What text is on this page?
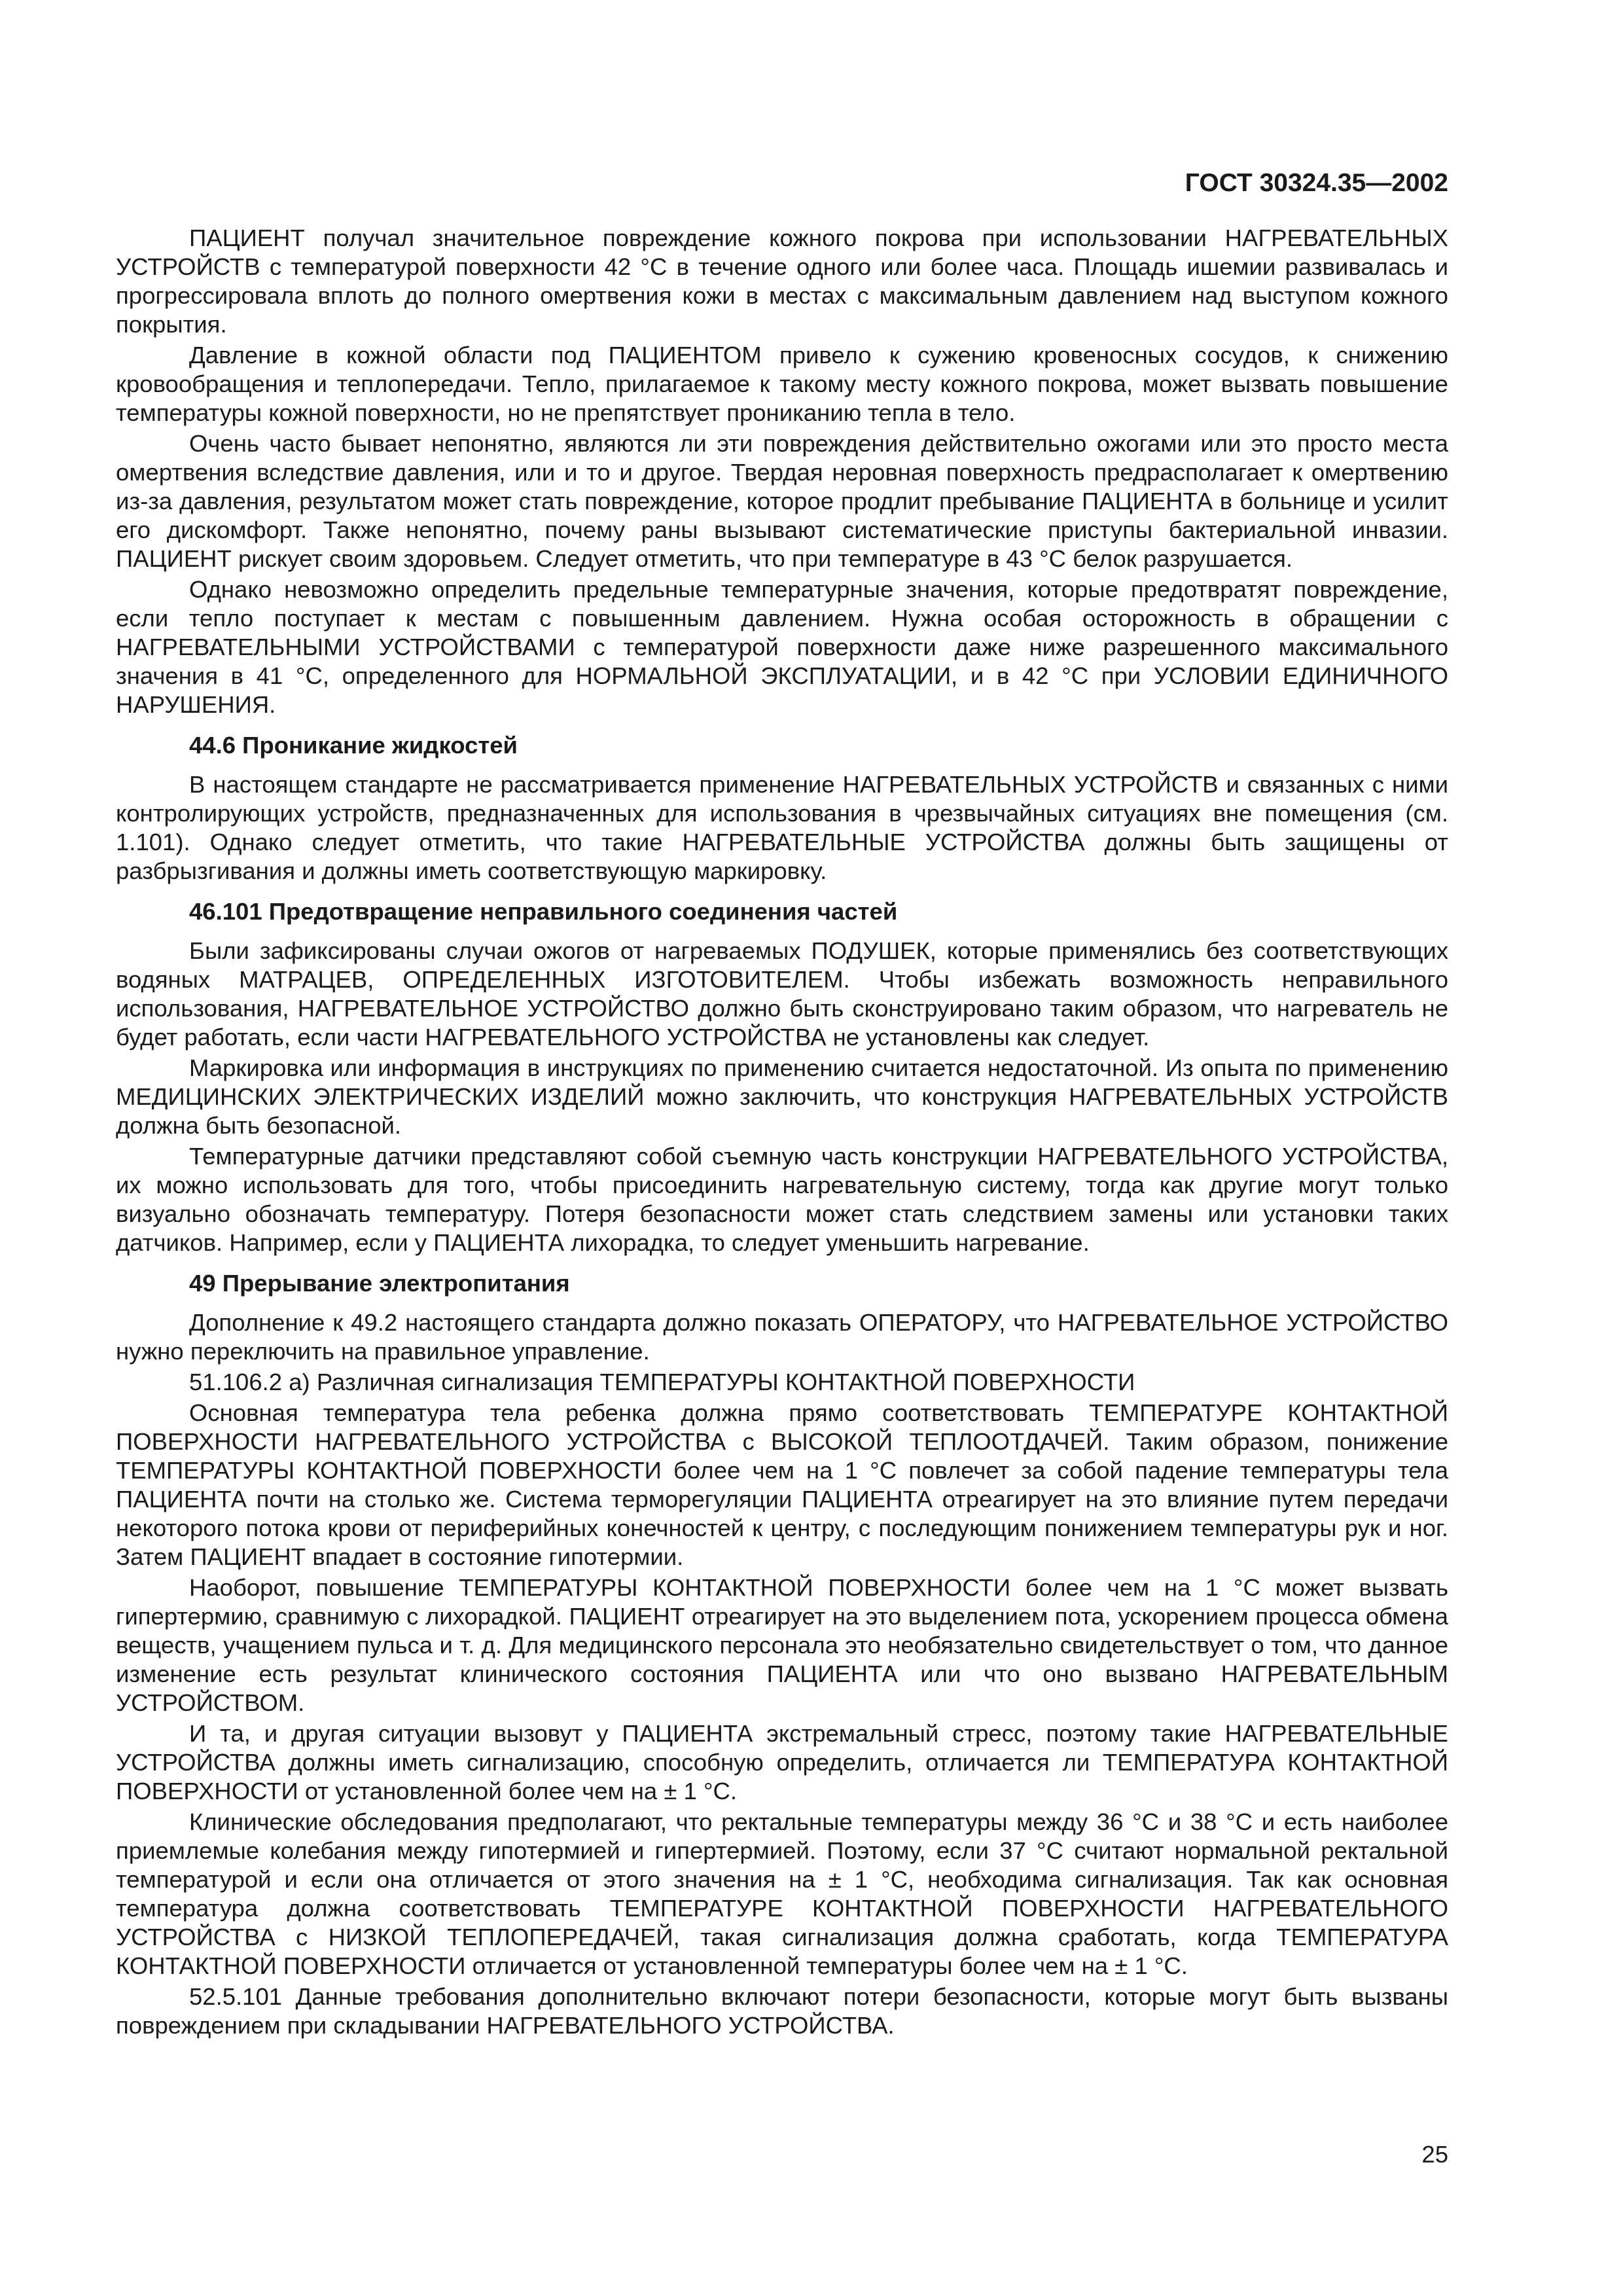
ГОСТ 30324.35—2002

ПАЦИЕНТ получал значительное повреждение кожного покрова при использовании НАГРЕВАТЕЛЬНЫХ УСТРОЙСТВ с температурой поверхности 42 °С в течение одного или более часа. Площадь ишемии развивалась и прогрессировала вплоть до полного омертвения кожи в местах с максимальным давлением над выступом кожного покрытия.

Давление в кожной области под ПАЦИЕНТОМ привело к сужению кровеносных сосудов, к снижению кровообращения и теплопередачи. Тепло, прилагаемое к такому месту кожного покрова, может вызвать повышение температуры кожной поверхности, но не препятствует прониканию тепла в тело.

Очень часто бывает непонятно, являются ли эти повреждения действительно ожогами или это просто места омертвения вследствие давления, или и то и другое. Твердая неровная поверхность предрасполагает к омертвению из-за давления, результатом может стать повреждение, которое продлит пребывание ПАЦИЕНТА в больнице и усилит его дискомфорт. Также непонятно, почему раны вызывают систематические приступы бактериальной инвазии. ПАЦИЕНТ рискует своим здоровьем. Следует отметить, что при температуре в 43 °С белок разрушается.

Однако невозможно определить предельные температурные значения, которые предотвратят повреждение, если тепло поступает к местам с повышенным давлением. Нужна особая осторожность в обращении с НАГРЕВАТЕЛЬНЫМИ УСТРОЙСТВАМИ с температурой поверхности даже ниже разрешенного максимального значения в 41 °С, определенного для НОРМАЛЬНОЙ ЭКСПЛУАТАЦИИ, и в 42 °С при УСЛОВИИ ЕДИНИЧНОГО НАРУШЕНИЯ.

44.6 Проникание жидкостей

В настоящем стандарте не рассматривается применение НАГРЕВАТЕЛЬНЫХ УСТРОЙСТВ и связанных с ними контролирующих устройств, предназначенных для использования в чрезвычайных ситуациях вне помещения (см. 1.101). Однако следует отметить, что такие НАГРЕВАТЕЛЬНЫЕ УСТРОЙСТВА должны быть защищены от разбрызгивания и должны иметь соответствующую маркировку.

46.101 Предотвращение неправильного соединения частей

Были зафиксированы случаи ожогов от нагреваемых ПОДУШЕК, которые применялись без соответствующих водяных МАТРАЦЕВ, ОПРЕДЕЛЕННЫХ ИЗГОТОВИТЕЛЕМ. Чтобы избежать возможность неправильного использования, НАГРЕВАТЕЛЬНОЕ УСТРОЙСТВО должно быть сконструировано таким образом, что нагреватель не будет работать, если части НАГРЕВАТЕЛЬНОГО УСТРОЙСТВА не установлены как следует.

Маркировка или информация в инструкциях по применению считается недостаточной. Из опыта по применению МЕДИЦИНСКИХ ЭЛЕКТРИЧЕСКИХ ИЗДЕЛИЙ можно заключить, что конструкция НАГРЕВАТЕЛЬНЫХ УСТРОЙСТВ должна быть безопасной.

Температурные датчики представляют собой съемную часть конструкции НАГРЕВАТЕЛЬНОГО УСТРОЙСТВА, их можно использовать для того, чтобы присоединить нагревательную систему, тогда как другие могут только визуально обозначать температуру. Потеря безопасности может стать следствием замены или установки таких датчиков. Например, если у ПАЦИЕНТА лихорадка, то следует уменьшить нагревание.

49 Прерывание электропитания

Дополнение к 49.2 настоящего стандарта должно показать ОПЕРАТОРУ, что НАГРЕВАТЕЛЬНОЕ УСТРОЙСТВО нужно переключить на правильное управление.

51.106.2 а) Различная сигнализация ТЕМПЕРАТУРЫ КОНТАКТНОЙ ПОВЕРХНОСТИ

Основная температура тела ребенка должна прямо соответствовать ТЕМПЕРАТУРЕ КОНТАКТНОЙ ПОВЕРХНОСТИ НАГРЕВАТЕЛЬНОГО УСТРОЙСТВА с ВЫСОКОЙ ТЕПЛООТДАЧЕЙ. Таким образом, понижение ТЕМПЕРАТУРЫ КОНТАКТНОЙ ПОВЕРХНОСТИ более чем на 1 °С повлечет за собой падение температуры тела ПАЦИЕНТА почти на столько же. Система терморегуляции ПАЦИЕНТА отреагирует на это влияние путем передачи некоторого потока крови от периферийных конечностей к центру, с последующим понижением температуры рук и ног. Затем ПАЦИЕНТ впадает в состояние гипотермии.

Наоборот, повышение ТЕМПЕРАТУРЫ КОНТАКТНОЙ ПОВЕРХНОСТИ более чем на 1 °С может вызвать гипертермию, сравнимую с лихорадкой. ПАЦИЕНТ отреагирует на это выделением пота, ускорением процесса обмена веществ, учащением пульса и т. д. Для медицинского персонала это необязательно свидетельствует о том, что данное изменение есть результат клинического состояния ПАЦИЕНТА или что оно вызвано НАГРЕВАТЕЛЬНЫМ УСТРОЙСТВОМ.

И та, и другая ситуации вызовут у ПАЦИЕНТА экстремальный стресс, поэтому такие НАГРЕВАТЕЛЬНЫЕ УСТРОЙСТВА должны иметь сигнализацию, способную определить, отличается ли ТЕМПЕРАТУРА КОНТАКТНОЙ ПОВЕРХНОСТИ от установленной более чем на ± 1 °С.

Клинические обследования предполагают, что ректальные температуры между 36 °С и 38 °С и есть наиболее приемлемые колебания между гипотермией и гипертермией. Поэтому, если 37 °С считают нормальной ректальной температурой и если она отличается от этого значения на ± 1 °С, необходима сигнализация. Так как основная температура должна соответствовать ТЕМПЕРАТУРЕ КОНТАКТНОЙ ПОВЕРХНОСТИ НАГРЕВАТЕЛЬНОГО УСТРОЙСТВА с НИЗКОЙ ТЕПЛОПЕРЕДАЧЕЙ, такая сигнализация должна сработать, когда ТЕМПЕРАТУРА КОНТАКТНОЙ ПОВЕРХНОСТИ отличается от установленной температуры более чем на ± 1 °С.

52.5.101 Данные требования дополнительно включают потери безопасности, которые могут быть вызваны повреждением при складывании НАГРЕВАТЕЛЬНОГО УСТРОЙСТВА.

25
